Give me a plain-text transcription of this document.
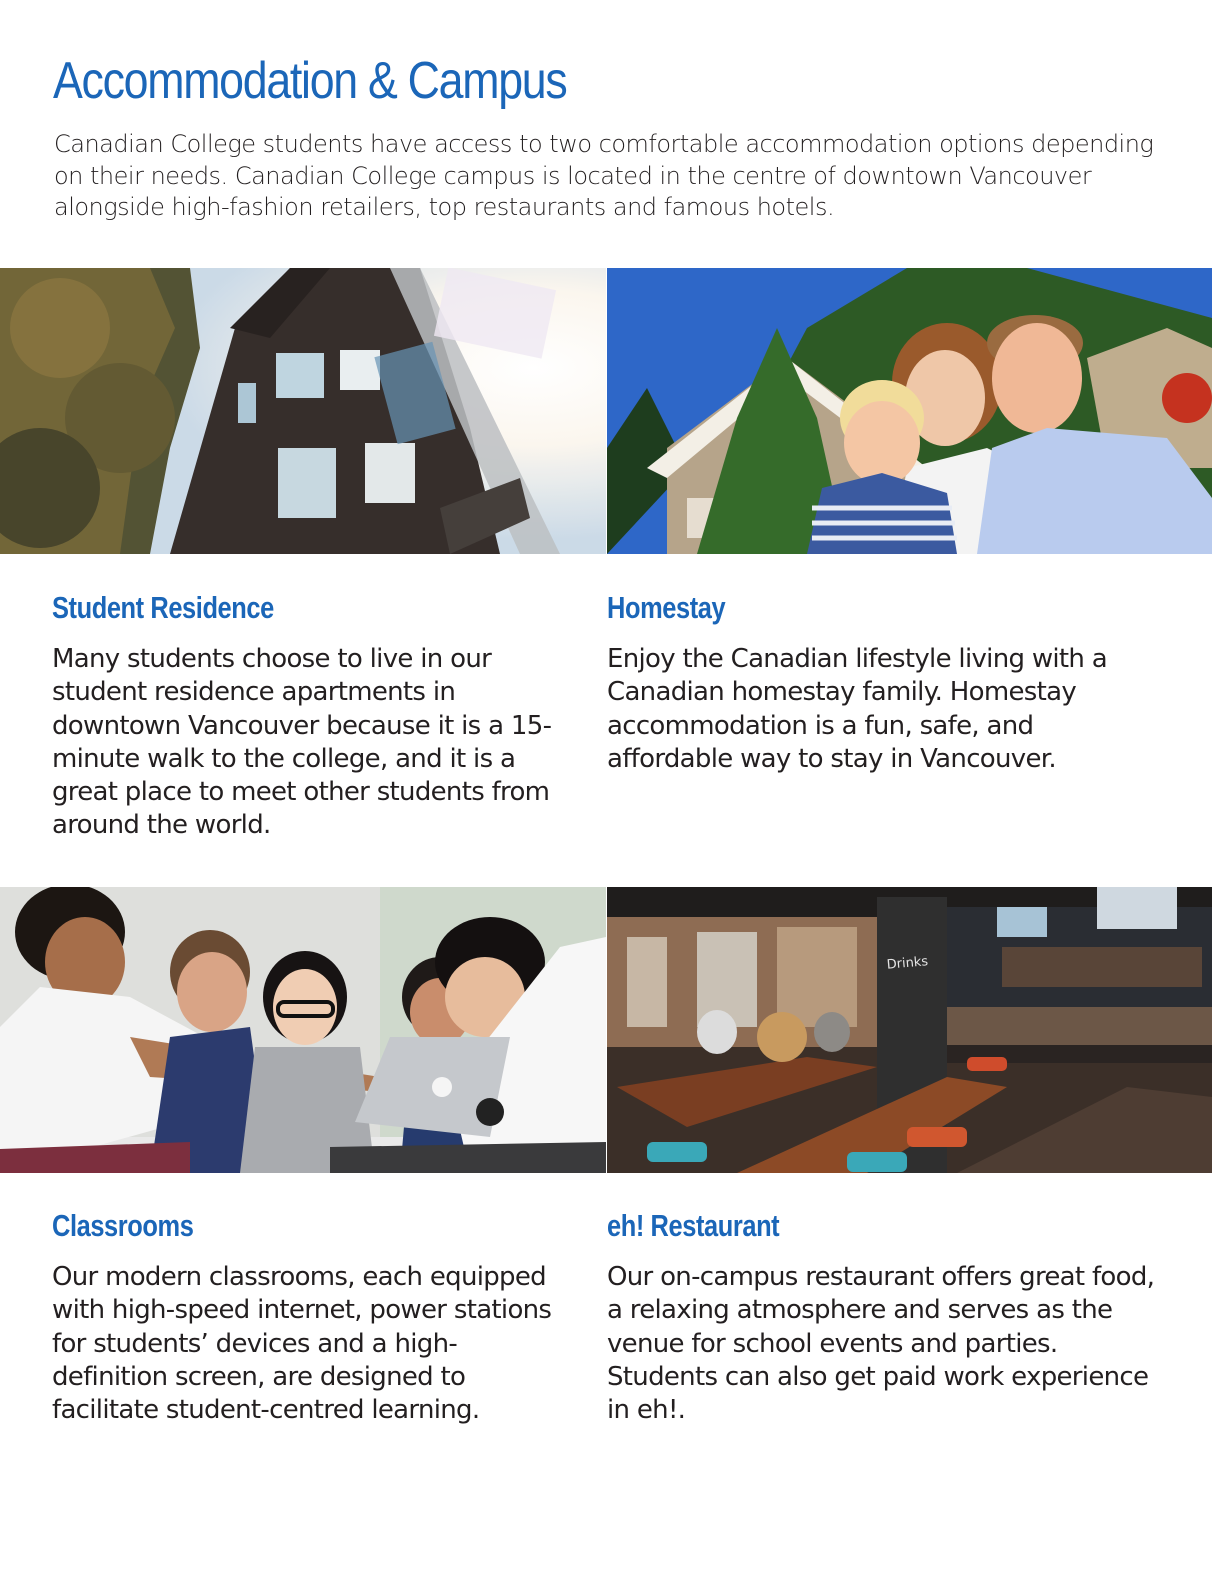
Accommodation & Campus

Canadian College students have access to two comfortable accommodation options depending on their needs. Canadian College campus is located in the centre of downtown Vancouver alongside high-fashion retailers, top restaurants and famous hotels.

Student Residence

Many students choose to live in our student residence apartments in downtown Vancouver because it is a 15-minute walk to the college, and it is a great place to meet other students from around the world.

Homestay

Enjoy the Canadian lifestyle living with a Canadian homestay family. Homestay accommodation is a fun, safe, and affordable way to stay in Vancouver.

Drinks
Classrooms

Our modern classrooms, each equipped with high-speed internet, power stations for students’ devices and a high-definition screen, are designed to facilitate student-centred learning.

eh! Restaurant

Our on-campus restaurant offers great food, a relaxing atmosphere and serves as the venue for school events and parties. Students can also get paid work experience in eh!.
